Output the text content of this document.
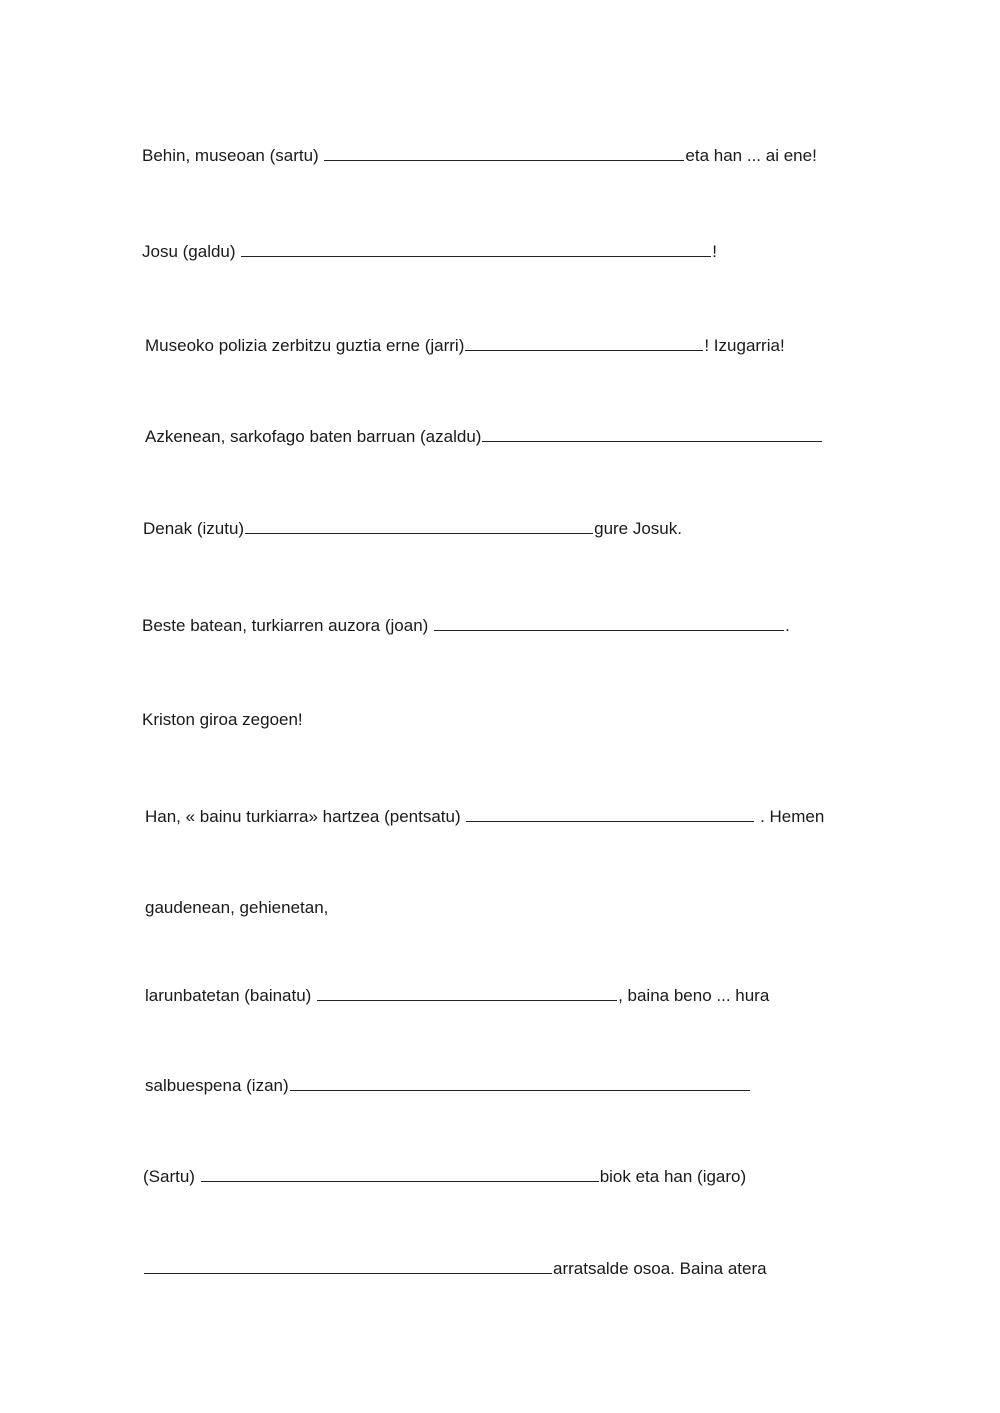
Behin, museoan (sartu)	eta han ... ai ene!
Josu (galdu)	!
Museoko polizia zerbitzu guztia erne (jarri)	! Izugarria!
Azkenean, sarkofago baten barruan (azaldu)
Denak (izutu)	gure Josuk.
Beste batean, turkiarren auzora (joan)	.
Kriston giroa zegoen!
Han, « bainu turkiarra» hartzea (pentsatu)	. Hemen
gaudenean, gehienetan,
larunbatetan (bainatu)	, baina beno ... hura
salbuespena (izan)
(Sartu)	biok eta han (igaro)
arratsalde osoa. Baina atera
